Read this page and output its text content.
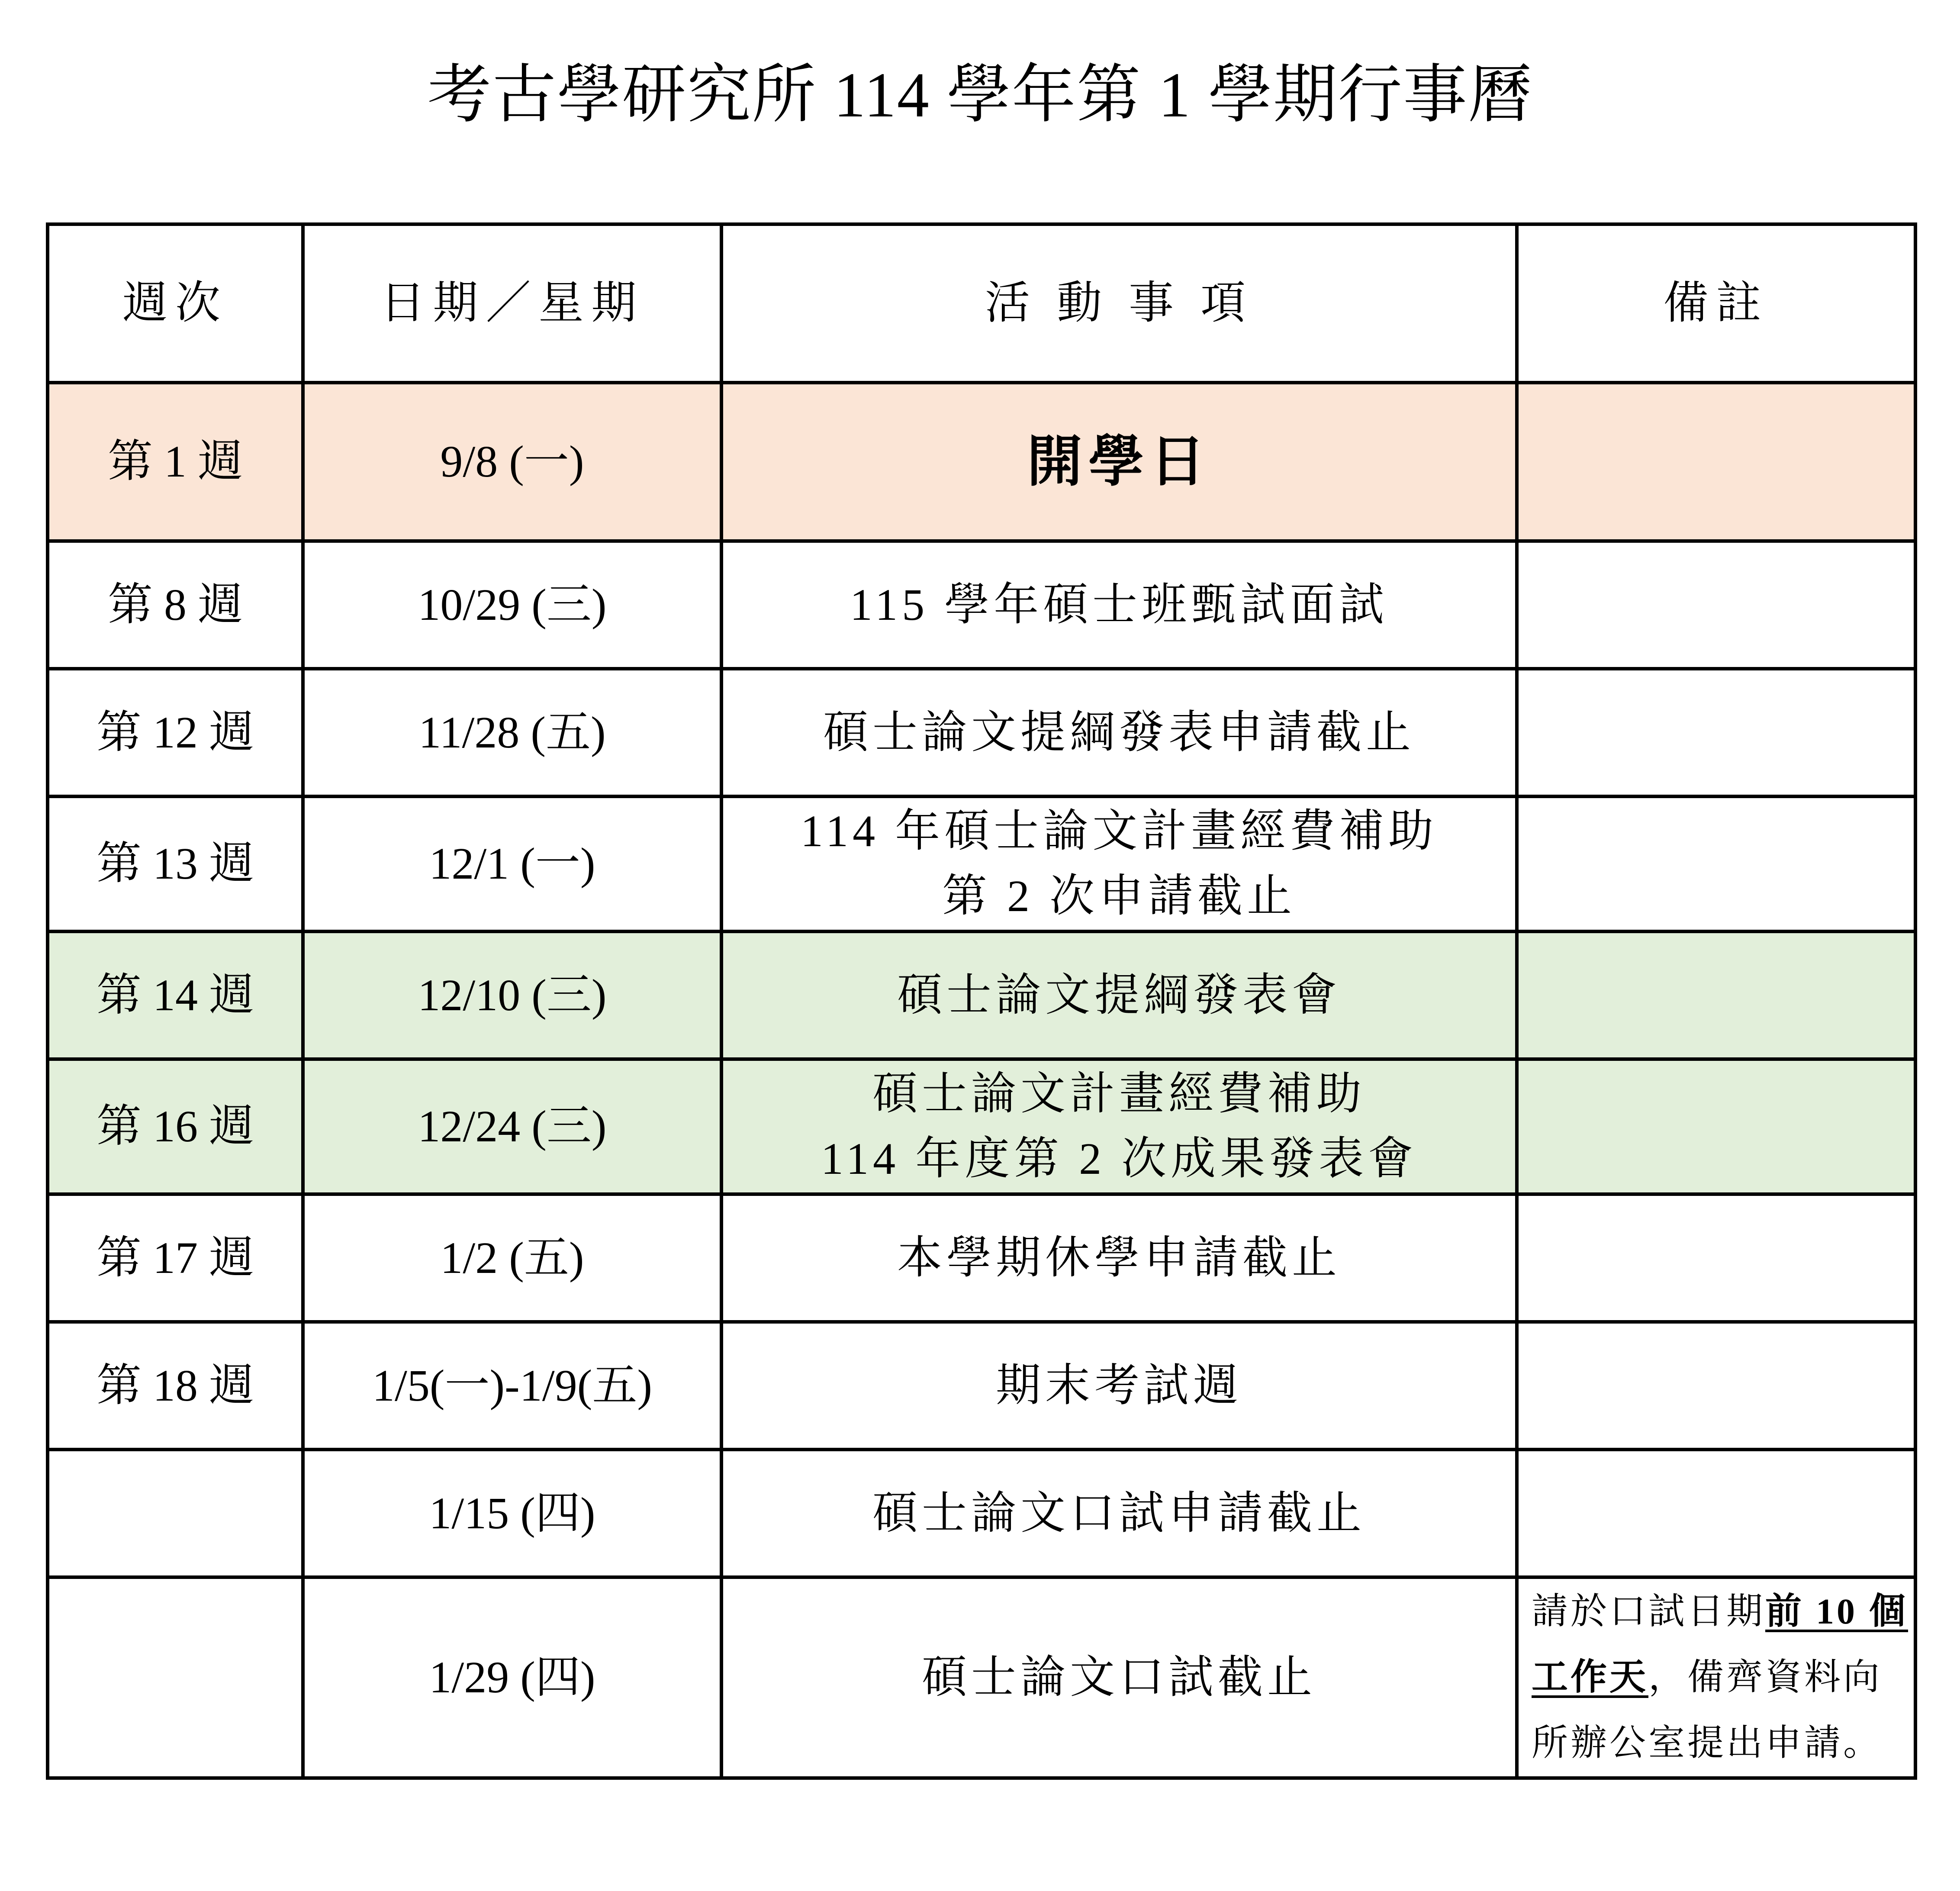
考古學研究所 114 學年第 1 學期行事曆
週次	日期／星期	活 動 事 項	備註
第 1 週	9/8 (一)	開學日	

第 8 週	10/29 (三)	115 學年碩士班甄試面試	

第 12 週	11/28 (五)	碩士論文提綱發表申請截止	

第 13 週	12/1 (一)	114 年碩士論文計畫經費補助
第 2 次申請截止	

第 14 週	12/10 (三)	碩士論文提綱發表會	

第 16 週	12/24 (三)	碩士論文計畫經費補助
114 年度第 2 次成果發表會	

第 17 週	1/2 (五)	本學期休學申請截止	

第 18 週	1/5(一)-1/9(五)	期末考試週	

	1/15 (四)	碩士論文口試申請截止	

	1/29 (四)	碩士論文口試截止	請於口試日期前 10 個工作天，備齊資料向所辦公室提出申請。
